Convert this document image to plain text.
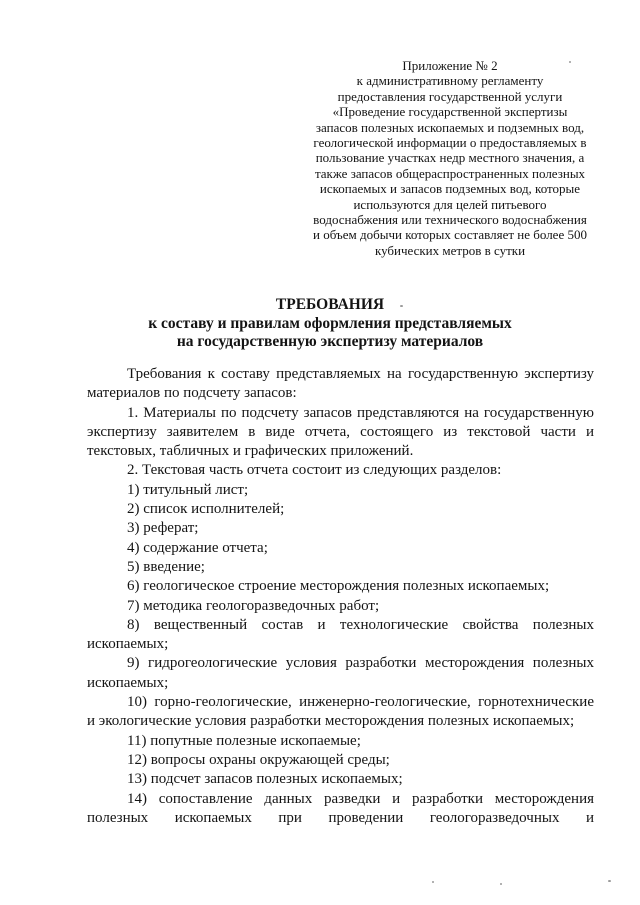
Приложение № 2
к административному регламенту
предоставления государственной услуги
«Проведение государственной экспертизы
запасов полезных ископаемых и подземных вод,
геологической информации о предоставляемых в
пользование участках недр местного значения, а
также запасов общераспространенных полезных
ископаемых и запасов подземных вод, которые
используются для целей питьевого
водоснабжения или технического водоснабжения
и объем добычи которых составляет не более 500
кубических метров в сутки
ТРЕБОВАНИЯ
к составу и правилам оформления представляемых
на государственную экспертизу материалов

Требования к составу представляемых на государственную экспертизу материалов по подсчету запасов:

1. Материалы по подсчету запасов представляются на государственную экспертизу заявителем в виде отчета, состоящего из текстовой части и текстовых, табличных и графических приложений.

2. Текстовая часть отчета состоит из следующих разделов:

1) титульный лист;

2) список исполнителей;

3) реферат;

4) содержание отчета;

5) введение;

6) геологическое строение месторождения полезных ископаемых;

7) методика геологоразведочных работ;

8) вещественный состав и технологические свойства полезных ископаемых;

9) гидрогеологические условия разработки месторождения полезных ископаемых;

10) горно-геологические, инженерно-геологические, горнотехнические и экологические условия разработки месторождения полезных ископаемых;

11) попутные полезные ископаемые;

12) вопросы охраны окружающей среды;

13) подсчет запасов полезных ископаемых;

14) сопоставление данных разведки и разработки месторождения полезных ископаемых при проведении геологоразведочных и
